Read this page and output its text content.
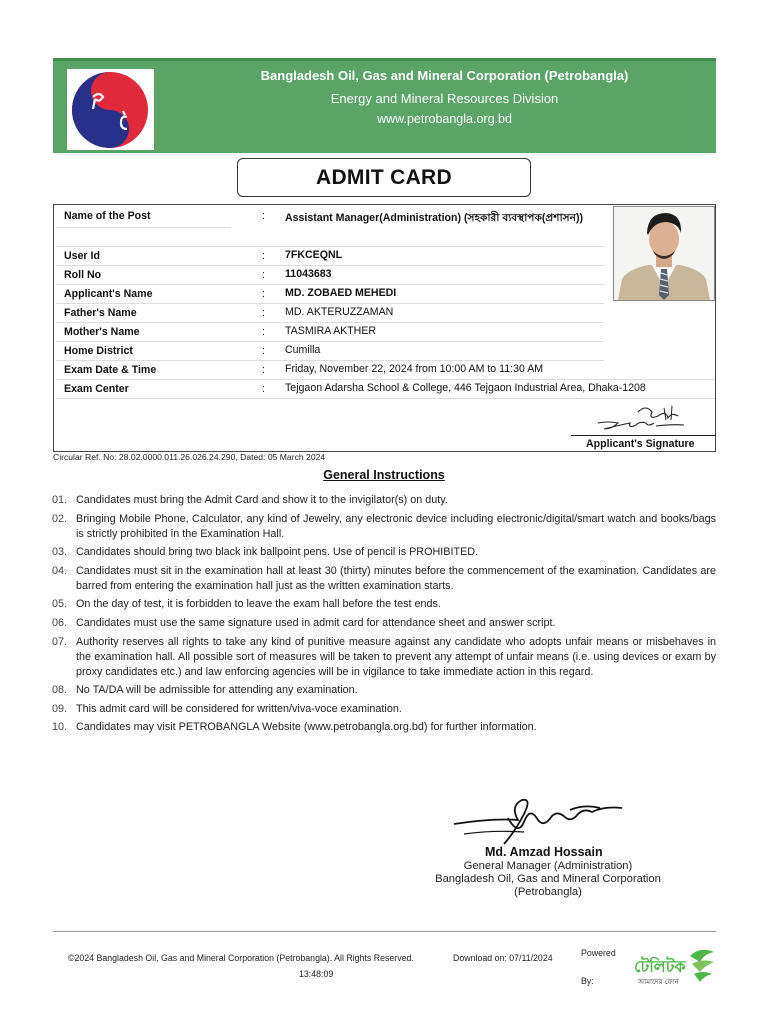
Bangladesh Oil, Gas and Mineral Corporation (Petrobangla)
Energy and Mineral Resources Division
www.petrobangla.org.bd
ADMIT CARD
Name of the Post	: Assistant Manager(Administration) (সহকারী ব্যবস্থাপক(প্রশাসন))
User Id	: 7FKCEQNL
Roll No	: 11043683
Applicant's Name	: MD. ZOBAED MEHEDI
Father's Name	: MD. AKTERUZZAMAN
Mother's Name	: TASMIRA AKTHER
Home District	: Cumilla
Exam Date & Time	: Friday, November 22, 2024 from 10:00 AM to 11:30 AM
Exam Center	: Tejgaon Adarsha School & College, 446 Tejgaon Industrial Area, Dhaka-1208
Applicant's Signature
Circular Ref. No: 28.02.0000.011.26.026.24.290, Dated: 05 March 2024
General Instructions
01. Candidates must bring the Admit Card and show it to the invigilator(s) on duty.
02. Bringing Mobile Phone, Calculator, any kind of Jewelry, any electronic device including electronic/digital/smart watch and books/bags is strictly prohibited in the Examination Hall.
03. Candidates should bring two black ink ballpoint pens. Use of pencil is PROHIBITED.
04. Candidates must sit in the examination hall at least 30 (thirty) minutes before the commencement of the examination. Candidates are barred from entering the examination hall just as the written examination starts.
05. On the day of test, it is forbidden to leave the exam hall before the test ends.
06. Candidates must use the same signature used in admit card for attendance sheet and answer script.
07. Authority reserves all rights to take any kind of punitive measure against any candidate who adopts unfair means or misbehaves in the examination hall. All possible sort of measures will be taken to prevent any attempt of unfair means (i.e. using devices or exam by proxy candidates etc.) and law enforcing agencies will be in vigilance to take immediate action in this regard.
08. No TA/DA will be admissible for attending any examination.
09. This admit card will be considered for written/viva-voce examination.
10. Candidates may visit PETROBANGLA Website (www.petrobangla.org.bd) for further information.
Md. Amzad Hossain
General Manager (Administration)
Bangladesh Oil, Gas and Mineral Corporation
(Petrobangla)
©2024 Bangladesh Oil, Gas and Mineral Corporation (Petrobangla). All Rights Reserved.	Download on: 07/11/2024
13:48:09
Powered
By:
টেলিটক
আমাদের ফোন
